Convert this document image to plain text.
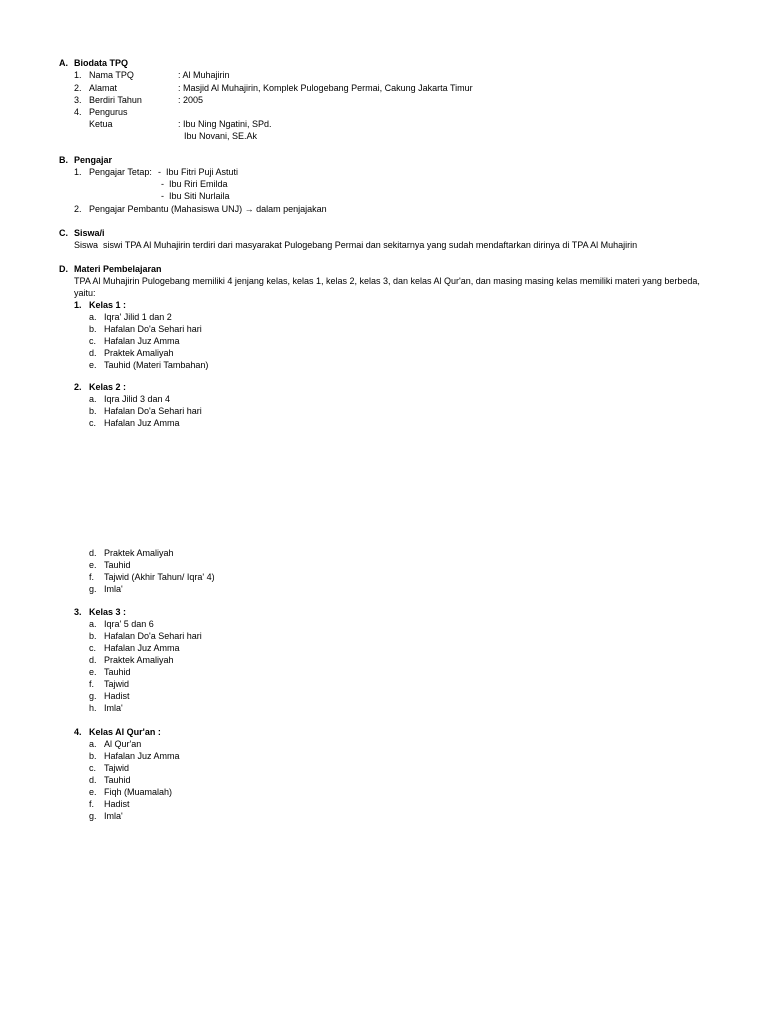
A. Biodata TPQ
1. Nama TPQ	: Al Muhajirin
2. Alamat	: Masjid Al Muhajirin, Komplek Pulogebang Permai, Cakung Jakarta Timur
3. Berdiri Tahun	: 2005
4. Pengurus
Ketua	: Ibu Ning Ngatini, SPd.
Ibu Novani, SE.Ak
B. Pengajar
1. Pengajar Tetap: -  Ibu Fitri Puji Astuti
-  Ibu Riri Emilda
-  Ibu Siti Nurlaila
2. Pengajar Pembantu (Mahasiswa UNJ) → dalam penjajakan
C. Siswa/i
Siswa  siswi TPA Al Muhajirin terdiri dari masyarakat Pulogebang Permai dan sekitarnya yang sudah mendaftarkan dirinya di TPA Al Muhajirin
D. Materi Pembelajaran
TPA Al Muhajirin Pulogebang memiliki 4 jenjang kelas, kelas 1, kelas 2, kelas 3, dan kelas Al Qur'an, dan masing masing kelas memiliki materi yang berbeda,
yaitu:
1. Kelas 1 :
a. Iqra' Jilid 1 dan 2
b. Hafalan Do'a Sehari hari
c. Hafalan Juz Amma
d. Praktek Amaliyah
e. Tauhid (Materi Tambahan)
2. Kelas 2 :
a. Iqra Jilid 3 dan 4
b. Hafalan Do'a Sehari hari
c. Hafalan Juz Amma
d. Praktek Amaliyah
e. Tauhid
f. Tajwid (Akhir Tahun/ Iqra' 4)
g. Imla'
3. Kelas 3 :
a. Iqra' 5 dan 6
b. Hafalan Do'a Sehari hari
c. Hafalan Juz Amma
d. Praktek Amaliyah
e. Tauhid
f. Tajwid
g. Hadist
h. Imla'
4. Kelas Al Qur'an :
a. Al Qur'an
b. Hafalan Juz Amma
c. Tajwid
d. Tauhid
e. Fiqh (Muamalah)
f. Hadist
g. Imla'
